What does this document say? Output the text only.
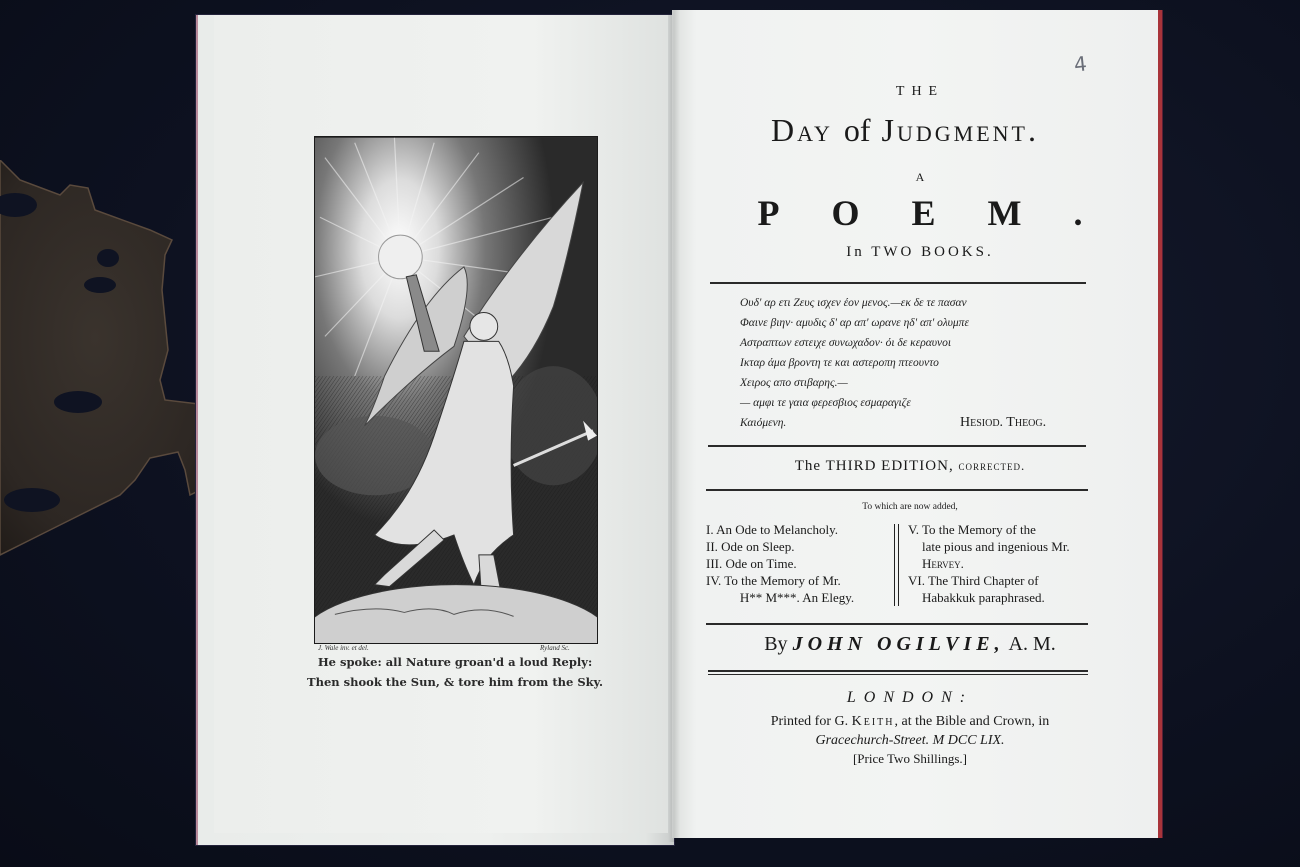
J. Wale inv. et del.	Ryland Sc.
He spoke: all Nature groan'd a loud Reply:
Then shook the Sun, & tore him from the Sky.
4
THE
Day of Judgment.
A
POEM.
In TWO BOOKS.
Ουδ' αρ ετι Ζευς ισχεν έον μενος.—εκ δε τε πασαν
Φαινε βιην· αμυδις δ' αρ απ' ωρανε ηδ' απ' ολυμπε
Αστραπτων εστειχε συνωχαδον· όι δε κεραυνοι
Ικταρ άμα βροντη τε και αστεροπη πτεουντο
Χειρος απο στιβαρης.—
— αμφι τε γαια φερεσβιος εσμαραγιζε
Καιόμενη.	Hesiod. Theog.
The THIRD EDITION, corrected.
To which are now added,
I. An Ode to Melancholy.
II. Ode on Sleep.
III. Ode on Time.
IV. To the Memory of Mr.
H** M***. An Elegy.
V. To the Memory of the
late pious and ingenious Mr.
Hervey.
VI. The Third Chapter of
Habakkuk paraphrased.
By JOHN OGILVIE, A. M.
LONDON:
Printed for G. Keith, at the Bible and Crown, in
Gracechurch-Street. M DCC LIX.
[Price Two Shillings.]
